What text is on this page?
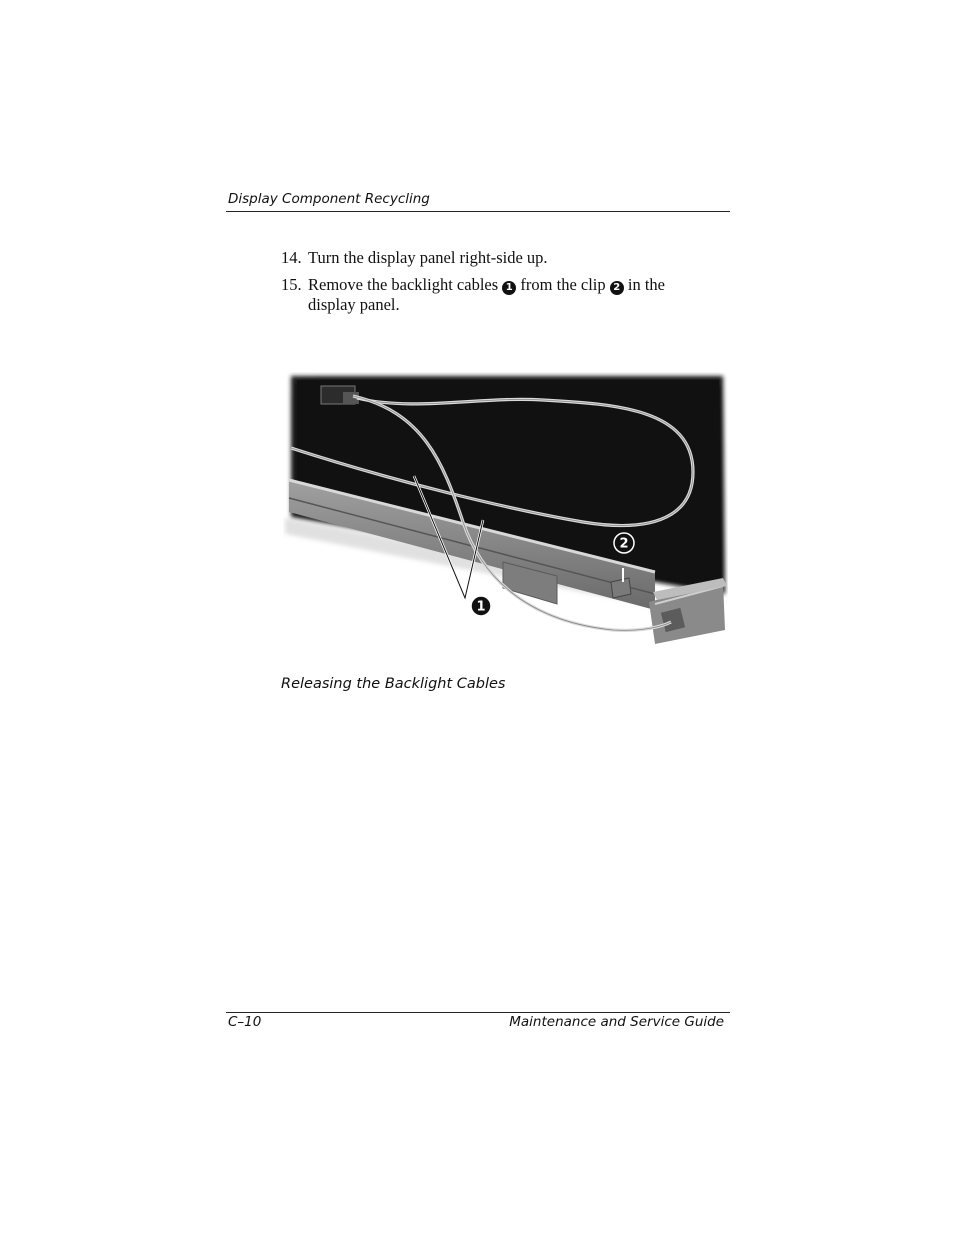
Display Component Recycling
14. Turn the display panel right-side up.
15. Remove the backlight cables 1 from the clip 2 in the display panel.
1
2
Releasing the Backlight Cables
C–10	Maintenance and Service Guide
